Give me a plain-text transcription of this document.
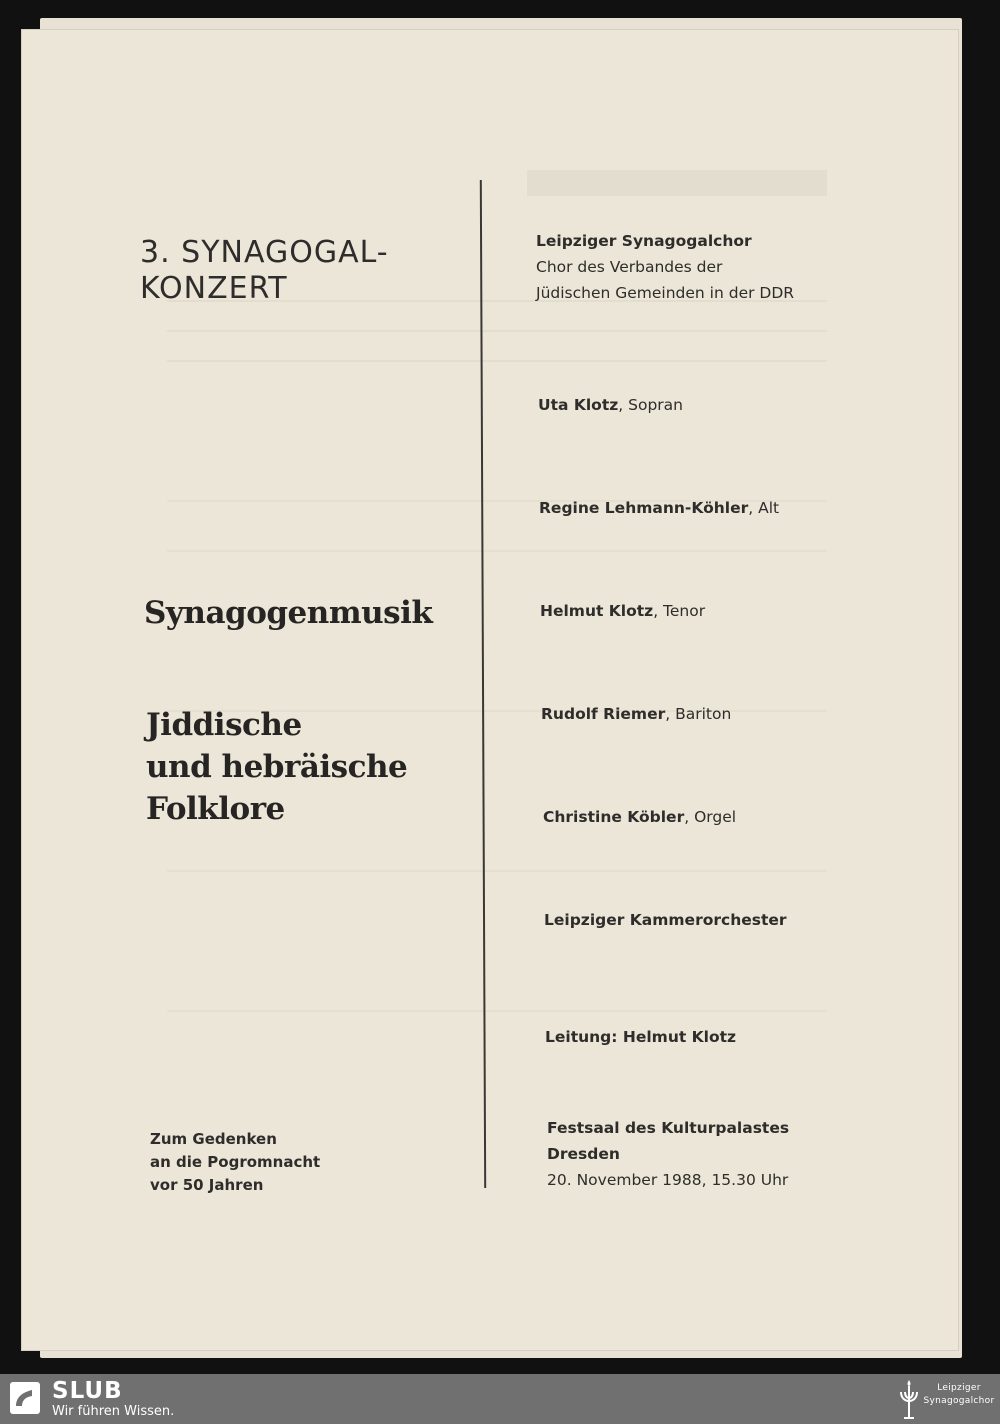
3. SYNAGOGAL-
KONZERT
Synagogenmusik
Jiddische
und hebräische
Folklore
Zum Gedenken
an die Pogromnacht
vor 50 Jahren
Leipziger Synagogalchor
Chor des Verbandes der
Jüdischen Gemeinden in der DDR
Uta Klotz, Sopran
Regine Lehmann-Köhler, Alt
Helmut Klotz, Tenor
Rudolf Riemer, Bariton
Christine Köbler, Orgel
Leipziger Kammerorchester
Leitung: Helmut Klotz
Festsaal des Kulturpalastes
Dresden
20. November 1988, 15.30 Uhr
SLUB
Wir führen Wissen.
Leipziger
Synagogalchor
